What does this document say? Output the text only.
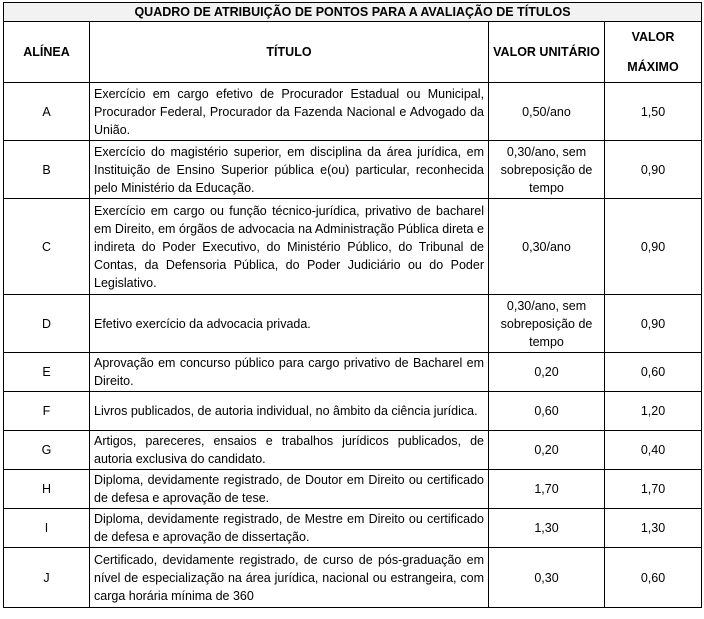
QUADRO DE ATRIBUIÇÃO DE PONTOS PARA A AVALIAÇÃO DE TÍTULOS			
ALÍNEA	TÍTULO	VALOR UNITÁRIO	VALOR
MÁXIMO
A	Exercício em cargo efetivo de Procurador Estadual ou Municipal, Procurador Federal, Procurador da Fazenda Nacional e Advogado da União.	0,50/ano	1,50
B	Exercício do magistério superior, em disciplina da área jurídica, em Instituição de Ensino Superior pública e(ou) particular, reconhecida pelo Ministério da Educação.	0,30/ano, sem sobreposição de tempo	0,90
C	Exercício em cargo ou função técnico-jurídica, privativo de bacharel em Direito, em órgãos de advocacia na Administração Pública direta e indireta do Poder Executivo, do Ministério Público, do Tribunal de Contas, da Defensoria Pública, do Poder Judiciário ou do Poder Legislativo.	0,30/ano	0,90
D	Efetivo exercício da advocacia privada.	0,30/ano, sem sobreposição de tempo	0,90
E	Aprovação em concurso público para cargo privativo de Bacharel em Direito.	0,20	0,60
F	Livros publicados, de autoria individual, no âmbito da ciência jurídica.	0,60	1,20
G	Artigos, pareceres, ensaios e trabalhos jurídicos publicados, de autoria exclusiva do candidato.	0,20	0,40
H	Diploma, devidamente registrado, de Doutor em Direito ou certificado de defesa e aprovação de tese.	1,70	1,70
I	Diploma, devidamente registrado, de Mestre em Direito ou certificado de defesa e aprovação de dissertação.	1,30	1,30
J	Certificado, devidamente registrado, de curso de pós-graduação em nível de especialização na área jurídica, nacional ou estrangeira, com carga horária mínima de 360	0,30	0,60
